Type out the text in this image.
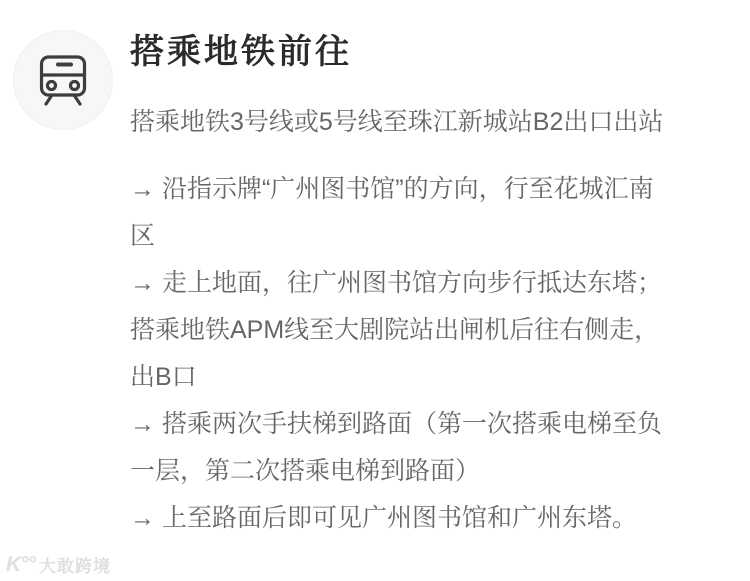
搭乘地铁前往

搭乘地铁3号线或5号线至珠江新城站B2出口出站

→ 沿指示牌“广州图书馆”的方向，行至花城汇南
区
→ 走上地面，往广州图书馆方向步行抵达东塔；
搭乘地铁APM线至大剧院站出闸机后往右侧走，
出B口
→ 搭乘两次手扶梯到路面（第一次搭乘电梯至负
一层，第二次搭乘电梯到路面）
→ 上至路面后即可见广州图书馆和广州东塔。
K°° 大敢跨境
